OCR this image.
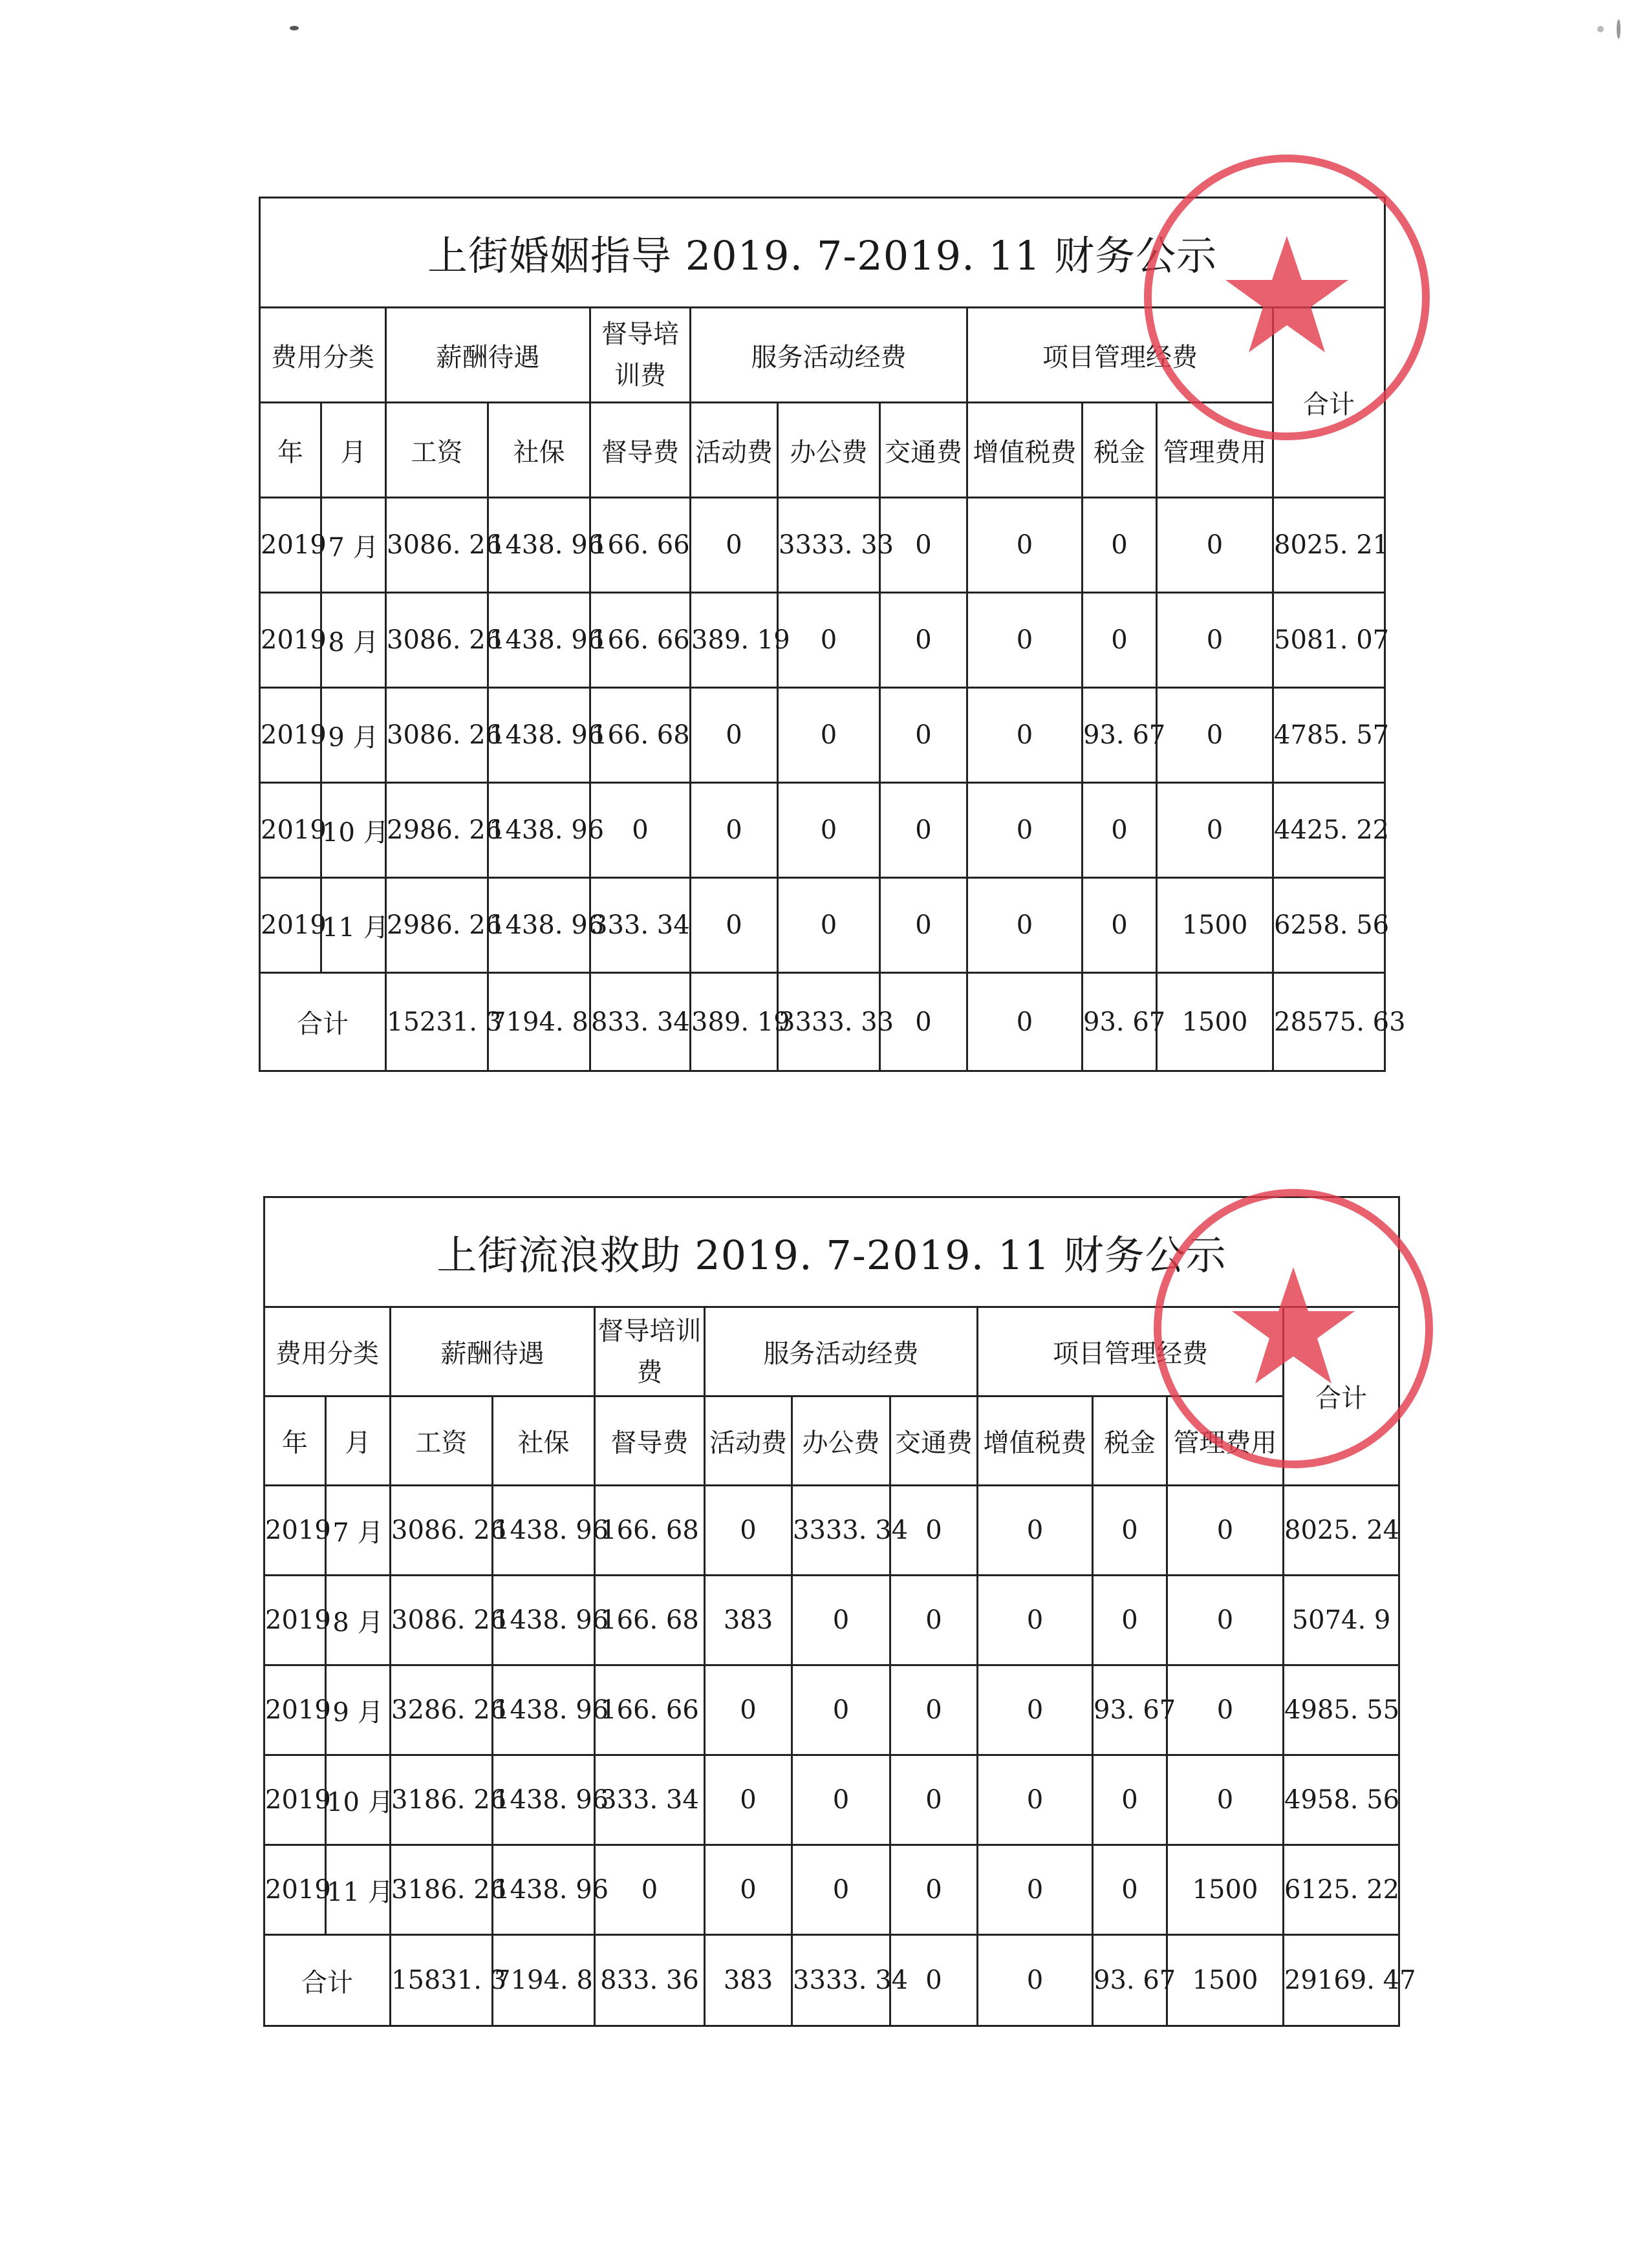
上街婚姻指导 2019. 7-2019. 11 财务公示											
费用分类		薪酬待遇		督导培训费	服务活动经费			项目管理经费			合计
年	月	工资	社保	督导费	活动费	办公费	交通费	增值税费	税金	管理费用	
2019	7 月	3086. 26	1438. 96	166. 66	0	3333. 33	0	0	0	0	8025. 21
2019	8 月	3086. 26	1438. 96	166. 66	389. 19	0	0	0	0	0	5081. 07
2019	9 月	3086. 26	1438. 96	166. 68	0	0	0	0	93. 67	0	4785. 57
2019	10 月	2986. 26	1438. 96	0	0	0	0	0	0	0	4425. 22
2019	11 月	2986. 26	1438. 96	333. 34	0	0	0	0	0	1500	6258. 56
合计		15231. 3	7194. 8	833. 34	389. 19	3333. 33	0	0	93. 67	1500	28575. 63
上街流浪救助 2019. 7-2019. 11 财务公示											
费用分类		薪酬待遇		督导培训费	服务活动经费			项目管理经费			合计
年	月	工资	社保	督导费	活动费	办公费	交通费	增值税费	税金	管理费用	
2019	7 月	3086. 26	1438. 96	166. 68	0	3333. 34	0	0	0	0	8025. 24
2019	8 月	3086. 26	1438. 96	166. 68	383	0	0	0	0	0	5074. 9
2019	9 月	3286. 26	1438. 96	166. 66	0	0	0	0	93. 67	0	4985. 55
2019	10 月	3186. 26	1438. 96	333. 34	0	0	0	0	0	0	4958. 56
2019	11 月	3186. 26	1438. 96	0	0	0	0	0	0	1500	6125. 22
合计		15831. 3	7194. 8	833. 36	383	3333. 34	0	0	93. 67	1500	29169. 47
